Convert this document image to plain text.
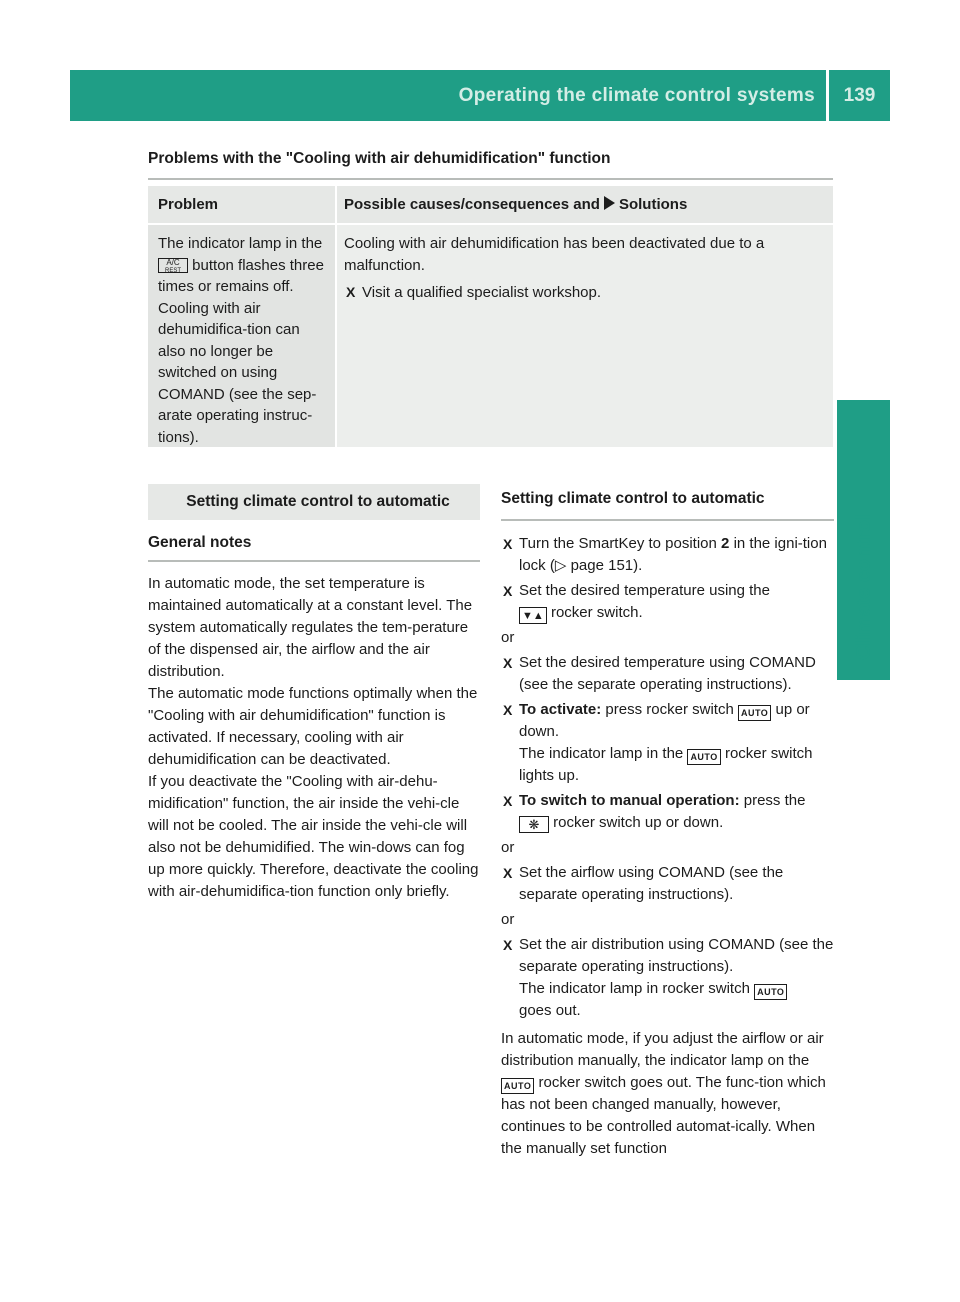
Operating the climate control systems	139
Climate control
Problems with the "Cooling with air dehumidification" function
Problem	Possible causes/consequences and Solutions
The indicator lamp in the A/C
REST button flashes three times or remains off. Cooling with air dehumidifica-tion can also no longer be switched on using COMAND (see the sep-arate operating instruc-tions).

Cooling with air dehumidification has been deactivated due to a malfunction.

X Visit a qualified specialist workshop.
Setting climate control to automatic
General notes

In automatic mode, the set temperature is maintained automatically at a constant level. The system automatically regulates the tem-perature of the dispensed air, the airflow and the air distribution.

The automatic mode functions optimally when the "Cooling with air dehumidification" function is activated. If necessary, cooling with air dehumidification can be deactivated.

If you deactivate the "Cooling with air-dehu-midification" function, the air inside the vehi-cle will not be cooled. The air inside the vehi-cle will also not be dehumidified. The win-dows can fog up more quickly. Therefore, deactivate the cooling with air-dehumidifica-tion function only briefly.

Setting climate control to automatic
X Turn the SmartKey to position 2 in the igni-tion lock (▷ page 151).
X Set the desired temperature using the
▼▲ rocker switch.
or
X Set the desired temperature using COMAND (see the separate operating instructions).
X To activate: press rocker switch AUTO up or down.
The indicator lamp in the AUTO rocker switch lights up.
X To switch to manual operation: press the
❋ rocker switch up or down.
or
X Set the airflow using COMAND (see the separate operating instructions).
or
X Set the air distribution using COMAND (see the separate operating instructions).
The indicator lamp in rocker switch AUTO
goes out.

In automatic mode, if you adjust the airflow or air distribution manually, the indicator lamp on the AUTO rocker switch goes out. The func-tion which has not been changed manually, however, continues to be controlled automat-ically. When the manually set function
